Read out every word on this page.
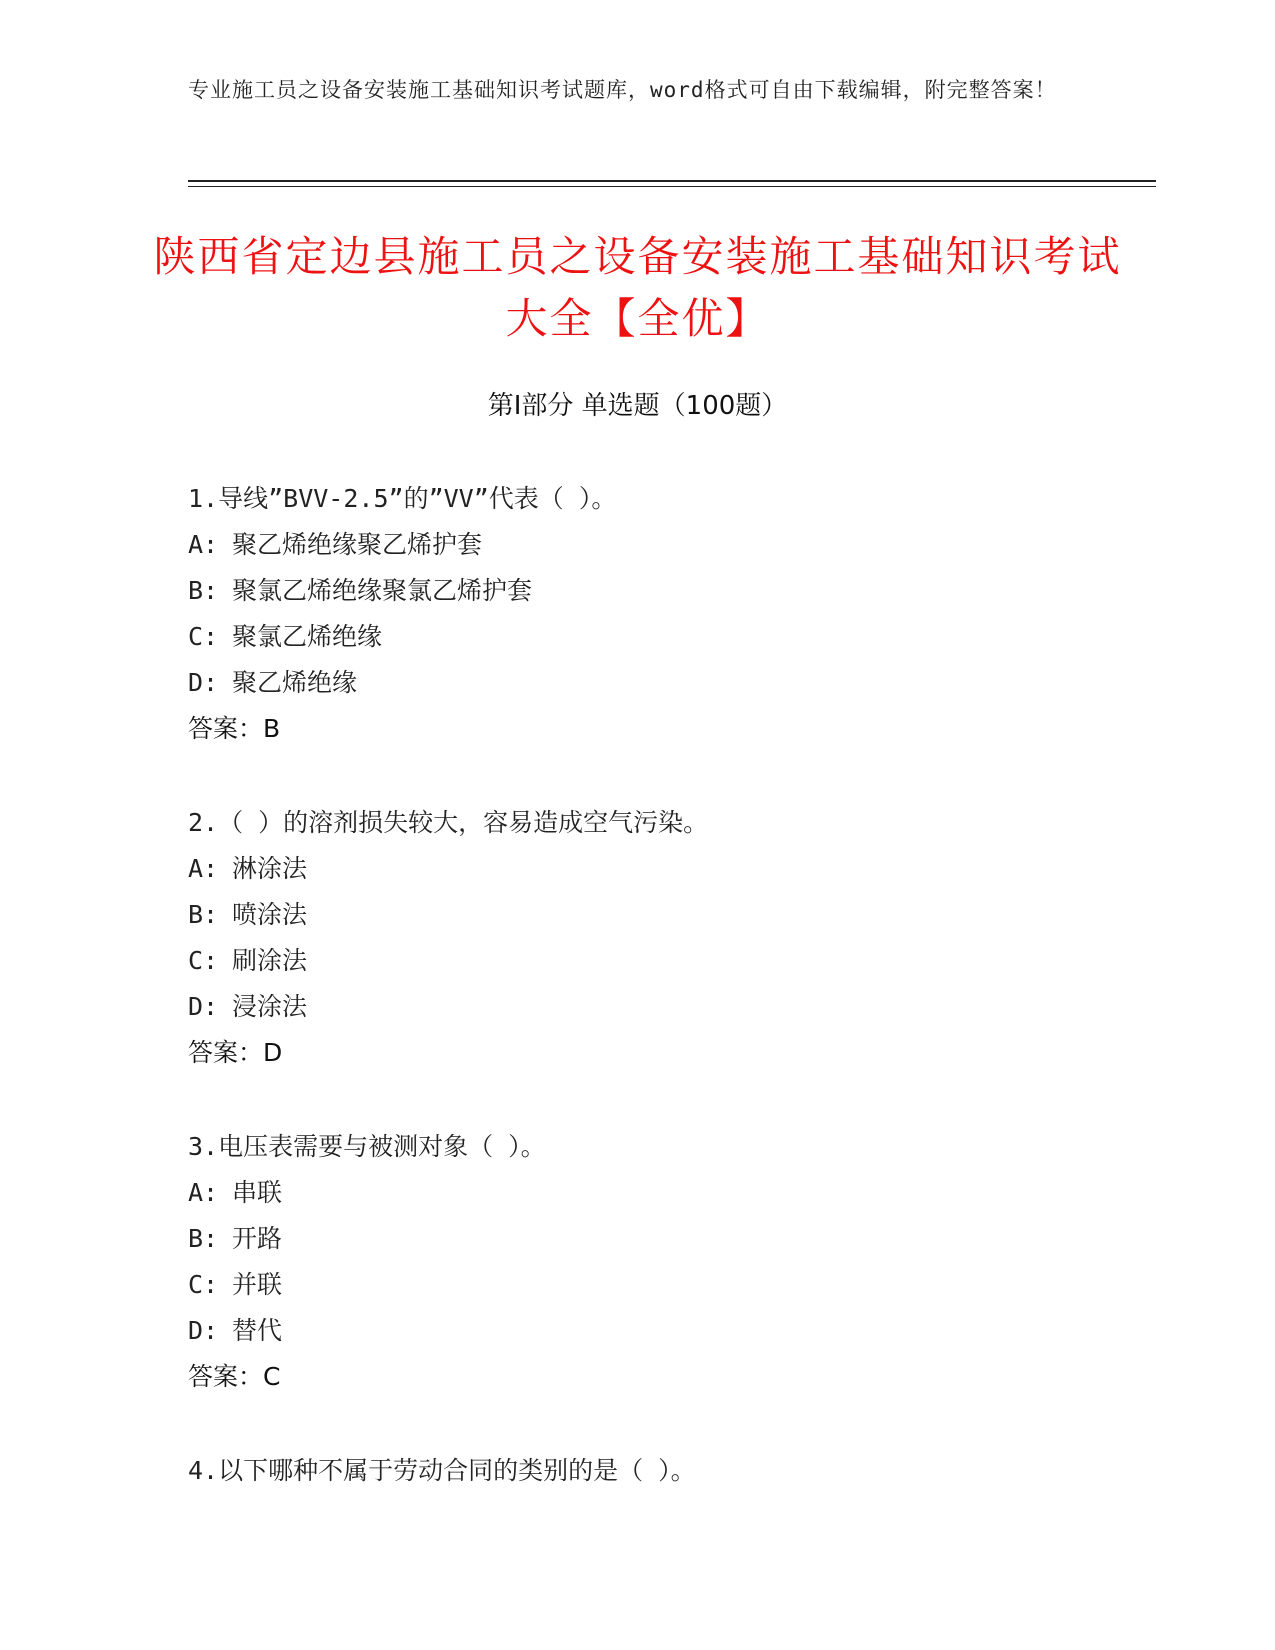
专业施工员之设备安装施工基础知识考试题库，word格式可自由下载编辑，附完整答案！
陕西省定边县施工员之设备安装施工基础知识考试大全【全优】
第Ⅰ部分 单选题（100题）
1.导线”BVV-2.5”的”VV”代表（ ）。
A: 聚乙烯绝缘聚乙烯护套
B: 聚氯乙烯绝缘聚氯乙烯护套
C: 聚氯乙烯绝缘
D: 聚乙烯绝缘
答案：B
2.（ ）的溶剂损失较大，容易造成空气污染。
A: 淋涂法
B: 喷涂法
C: 刷涂法
D: 浸涂法
答案：D
3.电压表需要与被测对象（ ）。
A: 串联
B: 开路
C: 并联
D: 替代
答案：C
4.以下哪种不属于劳动合同的类别的是（ ）。
